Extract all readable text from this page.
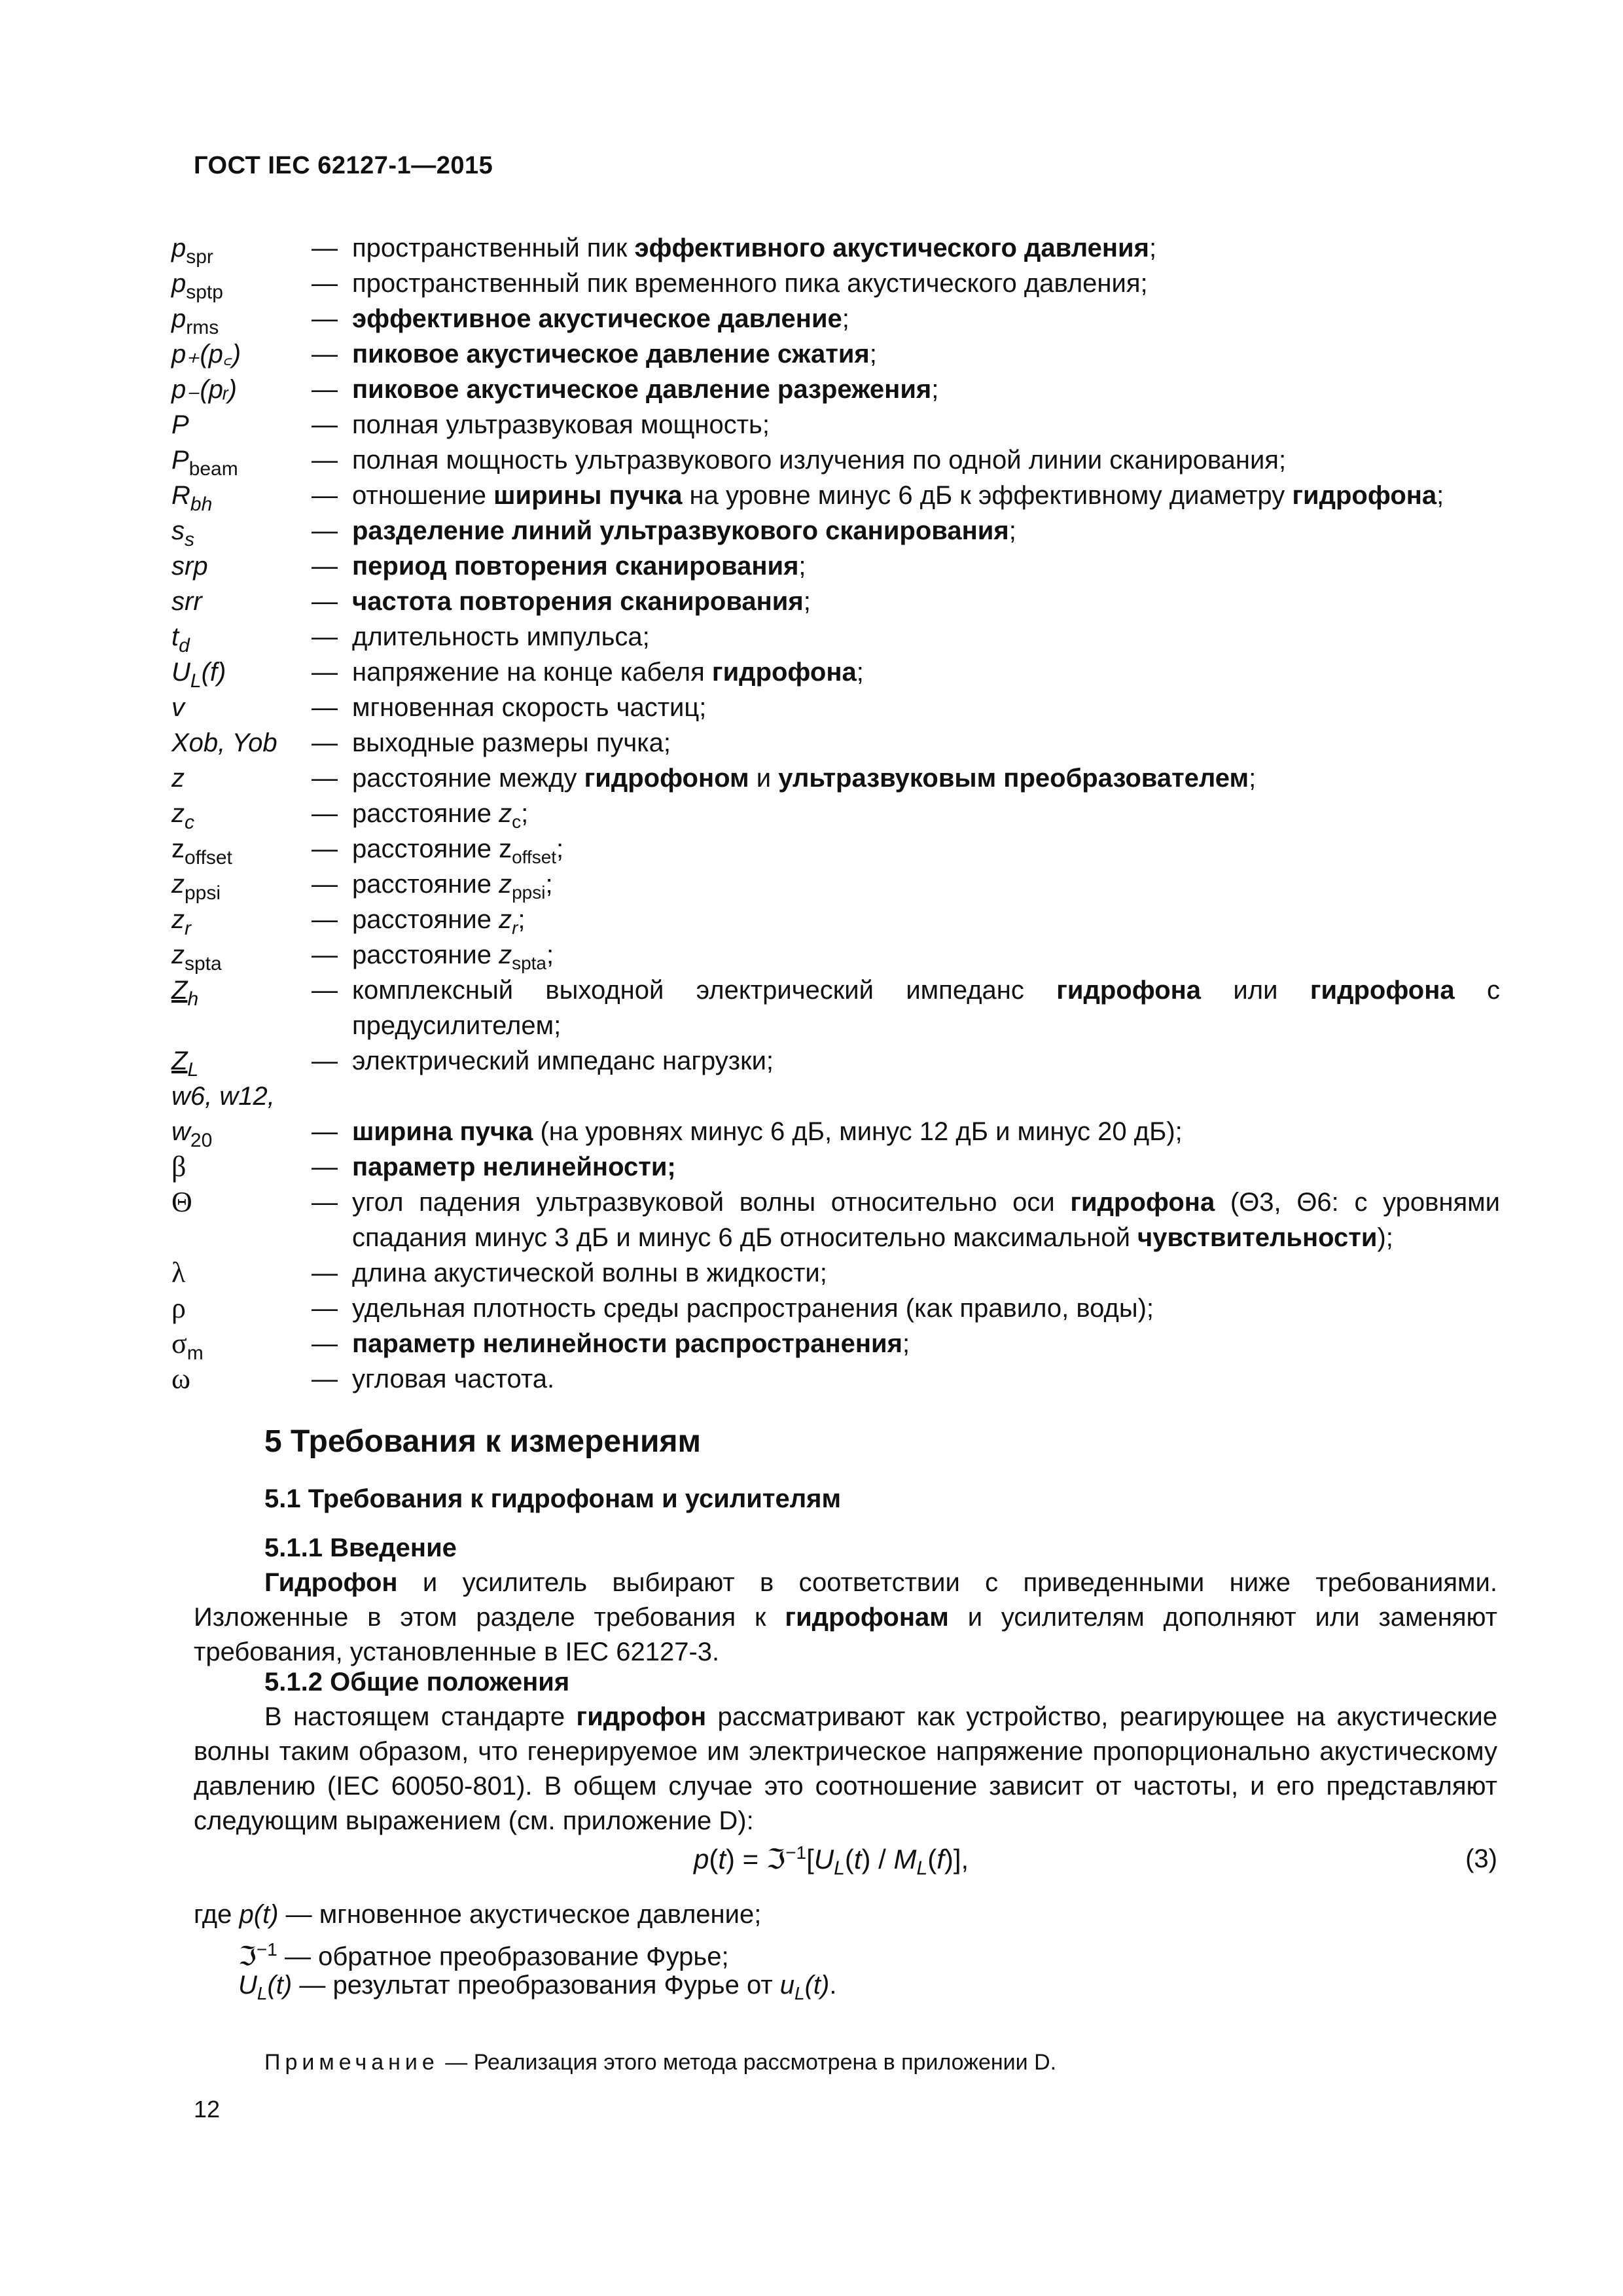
ГОСТ IEC 62127-1—2015
$p_{spr}$	— пространственный пик эффективного акустического давления;
$p_{sptp}$	— пространственный пик временного пика акустического давления;
$p_{rms}$	— эффективное акустическое давление;
p₊(p꜀)	— пиковое акустическое давление сжатия;
p₋(pᵣ)	— пиковое акустическое давление разрежения;
P	— полная ультразвуковая мощность;
$P_{beam}$	— полная мощность ультразвукового излучения по одной линии сканирования;
$R_{bh}$	— отношение ширины пучка на уровне минус 6 дБ к эффективному диаметру гидрофона;
$s_s$	— разделение линий ультразвукового сканирования;
srp	— период повторения сканирования;
srr	— частота повторения сканирования;
$t_d$	— длительность импульса;
$U_L(f)$	— напряжение на конце кабеля гидрофона;
v	— мгновенная скорость частиц;
Xob, Yob	— выходные размеры пучка;
z	— расстояние между гидрофоном и ультразвуковым преобразователем;
$z_c$	— расстояние $z_c$;
$z_{offset}$	— расстояние $z_{offset}$;
$z_{ppsi}$	— расстояние $z_{ppsi}$;
$z_r$	— расстояние $z_r$;
$z_{spta}$	— расстояние $z_{spta}$;
$Z_h$	— комплексный выходной электрический импеданс гидрофона или гидрофона с предусилителем;
$Z_L$	— электрический импеданс нагрузки;
w6, w12,
$w_{20}$	— ширина пучка (на уровнях минус 6 дБ, минус 12 дБ и минус 20 дБ);
β	— параметр нелинейности;
Θ	— угол падения ультразвуковой волны относительно оси гидрофона (Θ3, Θ6: с уровнями спадания минус 3 дБ и минус 6 дБ относительно максимальной чувствительности);
λ	— длина акустической волны в жидкости;
ρ	— удельная плотность среды распространения (как правило, воды);
$\sigma_m$	— параметр нелинейности распространения;
ω	— угловая частота.
5 Требования к измерениям
5.1 Требования к гидрофонам и усилителям
5.1.1 Введение
Гидрофон и усилитель выбирают в соответствии с приведенными ниже требованиями. Изложенные в этом разделе требования к гидрофонам и усилителям дополняют или заменяют требования, установленные в IEC 62127-3.
5.1.2 Общие положения
В настоящем стандарте гидрофон рассматривают как устройство, реагирующее на акустические волны таким образом, что генерируемое им электрическое напряжение пропорционально акустическому давлению (IEC 60050-801). В общем случае это соотношение зависит от частоты, и его представляют следующим выражением (см. приложение D):
$p(t) = ℑ^{-1}[U_L(t) / M_L(f)]$,	(3)
где p(t) — мгновенное акустическое давление;
ℑ$^{-1}$ — обратное преобразование Фурье;
$U_L(t)$ — результат преобразования Фурье от $u_L(t)$.
Примечание — Реализация этого метода рассмотрена в приложении D.
12
